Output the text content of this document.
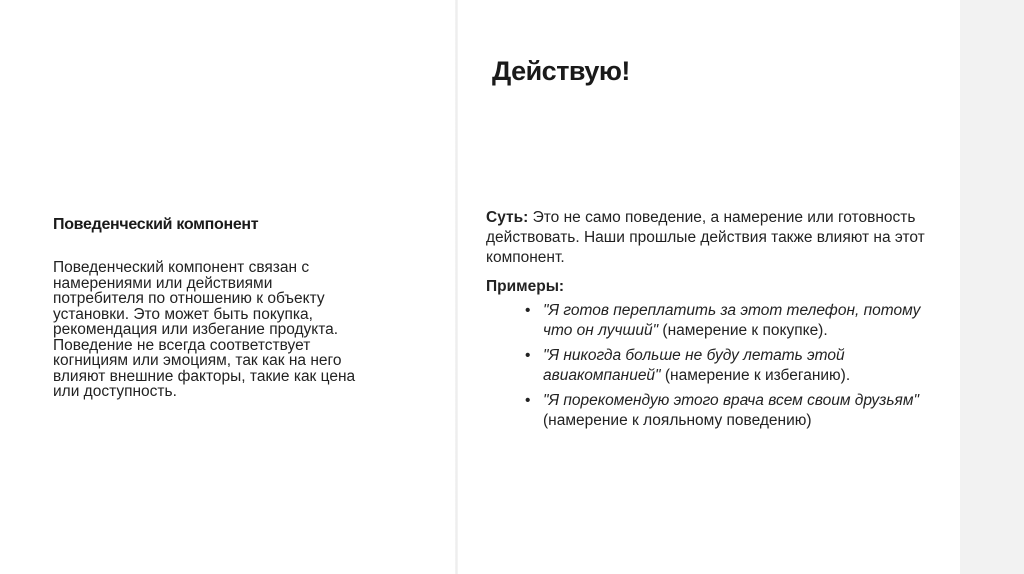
Действую!
Поведенческий компонент
Поведенческий компонент связан с
намерениями или действиями
потребителя по отношению к объекту
установки. Это может быть покупка,
рекомендация или избегание продукта.
Поведение не всегда соответствует
когнициям или эмоциям, так как на него
влияют внешние факторы, такие как цена
или доступность.
Суть: Это не само поведение, а намерение или готовность действовать. Наши прошлые действия также влияют на этот компонент.
Примеры:
• "Я готов переплатить за этот телефон, потому что он лучший" (намерение к покупке).
• "Я никогда больше не буду летать этой авиакомпанией" (намерение к избеганию).
• "Я порекомендую этого врача всем своим друзьям" (намерение к лояльному поведению)
